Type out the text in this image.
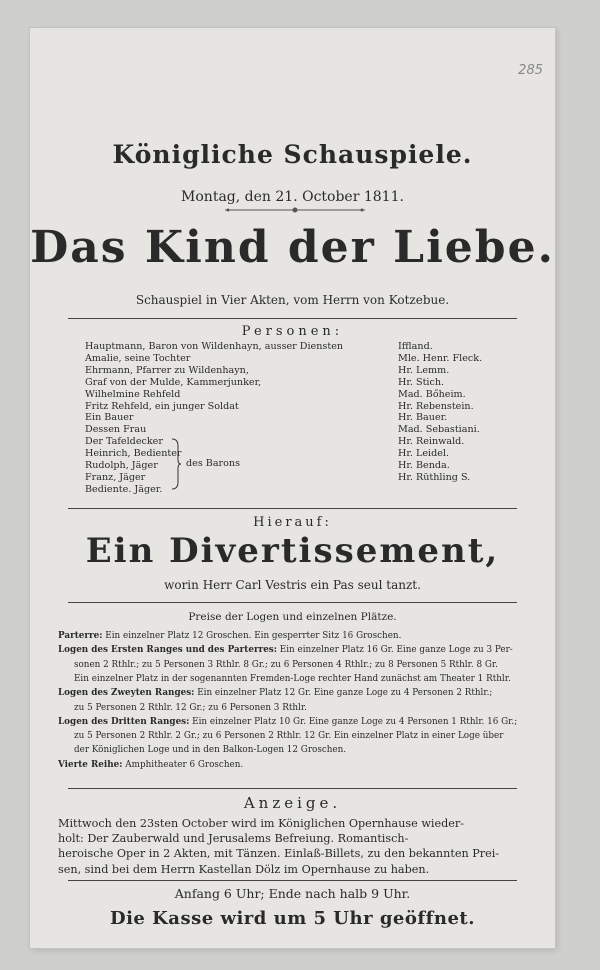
285
Königliche Schauspiele.
Montag, den 21. October 1811.
Das Kind der Liebe.
Schauspiel in Vier Akten, vom Herrn von Kotzebue.
Personen:
Hauptmann, Baron von Wildenhayn, ausser Diensten	Iffland.
Amalie, seine Tochter	Mle. Henr. Fleck.
Ehrmann, Pfarrer zu Wildenhayn,	Hr. Lemm.
Graf von der Mulde, Kammerjunker,	Hr. Stich.
Wilhelmine Rehfeld	Mad. Bőheim.
Fritz Rehfeld, ein junger Soldat	Hr. Rebenstein.
Ein Bauer	Hr. Bauer.
Dessen Frau	Mad. Sebastiani.
Der Tafeldecker	Hr. Reinwald.
Heinrich, Bedienter	Hr. Leidel.
Rudolph, Jäger	Hr. Benda.
Franz, Jäger	Hr. Rüthling S.
Bediente. Jäger.
des Barons
Hierauf:
Ein Divertissement,
worin Herr Carl Vestris ein Pas seul tanzt.
Preise der Logen und einzelnen Plätze.
Parterre: Ein einzelner Platz 12 Groschen. Ein gesperrter Sitz 16 Groschen.
Logen des Ersten Ranges und des Parterres: Ein einzelner Platz 16 Gr. Eine ganze Loge zu 3 Per-
sonen 2 Rthlr.; zu 5 Personen 3 Rthlr. 8 Gr.; zu 6 Personen 4 Rthlr.; zu 8 Personen 5 Rthlr. 8 Gr.
Ein einzelner Platz in der sogenannten Fremden-Loge rechter Hand zunächst am Theater 1 Rthlr.
Logen des Zweyten Ranges: Ein einzelner Platz 12 Gr. Eine ganze Loge zu 4 Personen 2 Rthlr.;
zu 5 Personen 2 Rthlr. 12 Gr.; zu 6 Personen 3 Rthlr.
Logen des Dritten Ranges: Ein einzelner Platz 10 Gr. Eine ganze Loge zu 4 Personen 1 Rthlr. 16 Gr.;
zu 5 Personen 2 Rthlr. 2 Gr.; zu 6 Personen 2 Rthlr. 12 Gr. Ein einzelner Platz in einer Loge über
der Königlichen Loge und in den Balkon-Logen 12 Groschen.
Vierte Reihe: Amphitheater 6 Groschen.
Anzeige.
Mittwoch den 23sten October wird im Königlichen Opernhause wieder-
holt: Der Zauberwald und Jerusalems Befreiung. Romantisch-
heroische Oper in 2 Akten, mit Tänzen. Einlaß-Billets, zu den bekannten Prei-
sen, sind bei dem Herrn Kastellan Dölz im Opernhause zu haben.
Anfang 6 Uhr; Ende nach halb 9 Uhr.
Die Kasse wird um 5 Uhr geöffnet.
